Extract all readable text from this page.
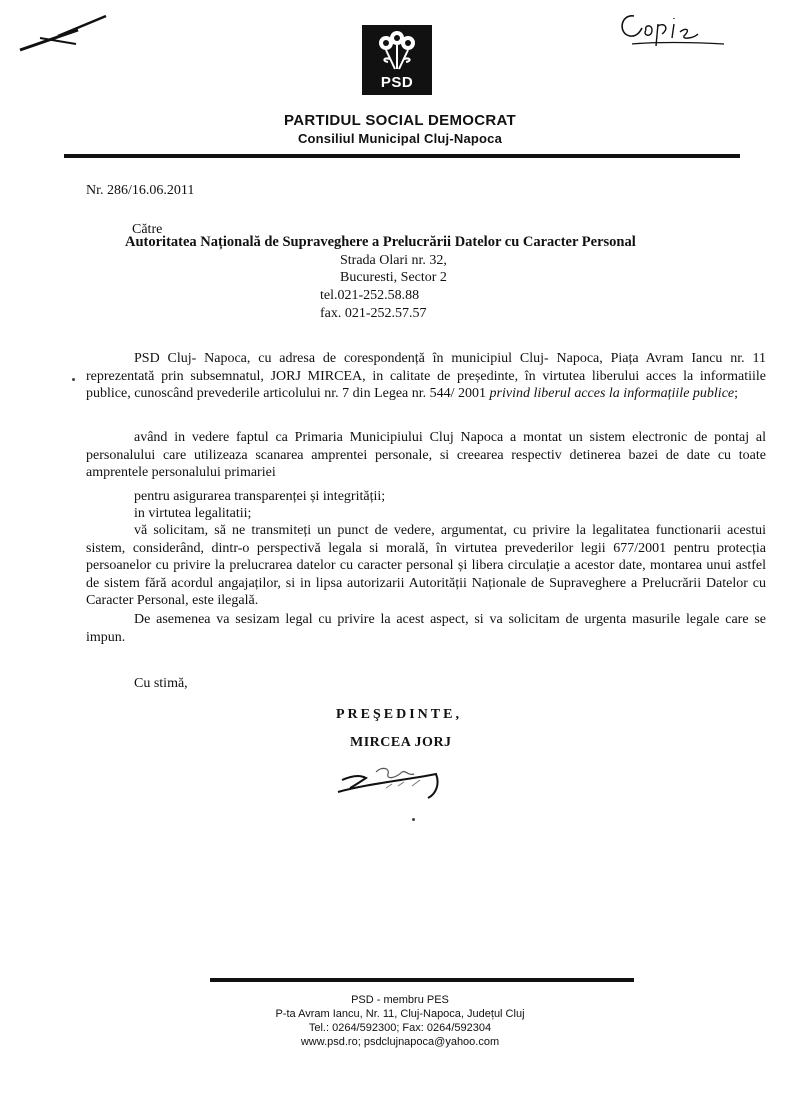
PSD
PARTIDUL SOCIAL DEMOCRAT
Consiliul Municipal Cluj-Napoca
Nr. 286/16.06.2011
Către
Autoritatea Națională de Supraveghere a Prelucrării Datelor cu Caracter Personal
Strada Olari nr. 32,
Bucuresti, Sector 2
tel.021-252.58.88
fax. 021-252.57.57
PSD Cluj- Napoca, cu adresa de corespondență în municipiul Cluj- Napoca, Piața Avram Iancu nr. 11 reprezentată prin subsemnatul, JORJ MIRCEA, in calitate de președinte, în virtutea liberului acces la informatiile publice, cunoscând prevederile articolului nr. 7 din Legea nr. 544/ 2001 privind liberul acces la informațiile publice;
având in vedere faptul ca Primaria Municipiului Cluj Napoca a montat un sistem electronic de pontaj al personalului care utilizeaza scanarea amprentei personale, si creearea respectiv detinerea bazei de date cu toate amprentele personalului primariei
pentru asigurarea transparenței și integrității;
in virtutea legalitatii;
vă solicitam, să ne transmiteți un punct de vedere, argumentat, cu privire la legalitatea functionarii acestui sistem, considerând, dintr-o perspectivă legala si morală, în virtutea prevederilor legii 677/2001 pentru protecția persoanelor cu privire la prelucrarea datelor cu caracter personal și libera circulație a acestor date, montarea unui astfel de sistem fără acordul angajaților, si in lipsa autorizarii Autorității Naționale de Supraveghere a Prelucrării Datelor cu Caracter Personal, este ilegală.
De asemenea va sesizam legal cu privire la acest aspect, si va solicitam de urgenta masurile legale care se impun.
Cu stimă,
PREŞEDINTE,
MIRCEA JORJ
PSD - membru PES
P-ta Avram Iancu, Nr. 11, Cluj-Napoca, Județul Cluj
Tel.: 0264/592300; Fax: 0264/592304
www.psd.ro; psdclujnapoca@yahoo.com
